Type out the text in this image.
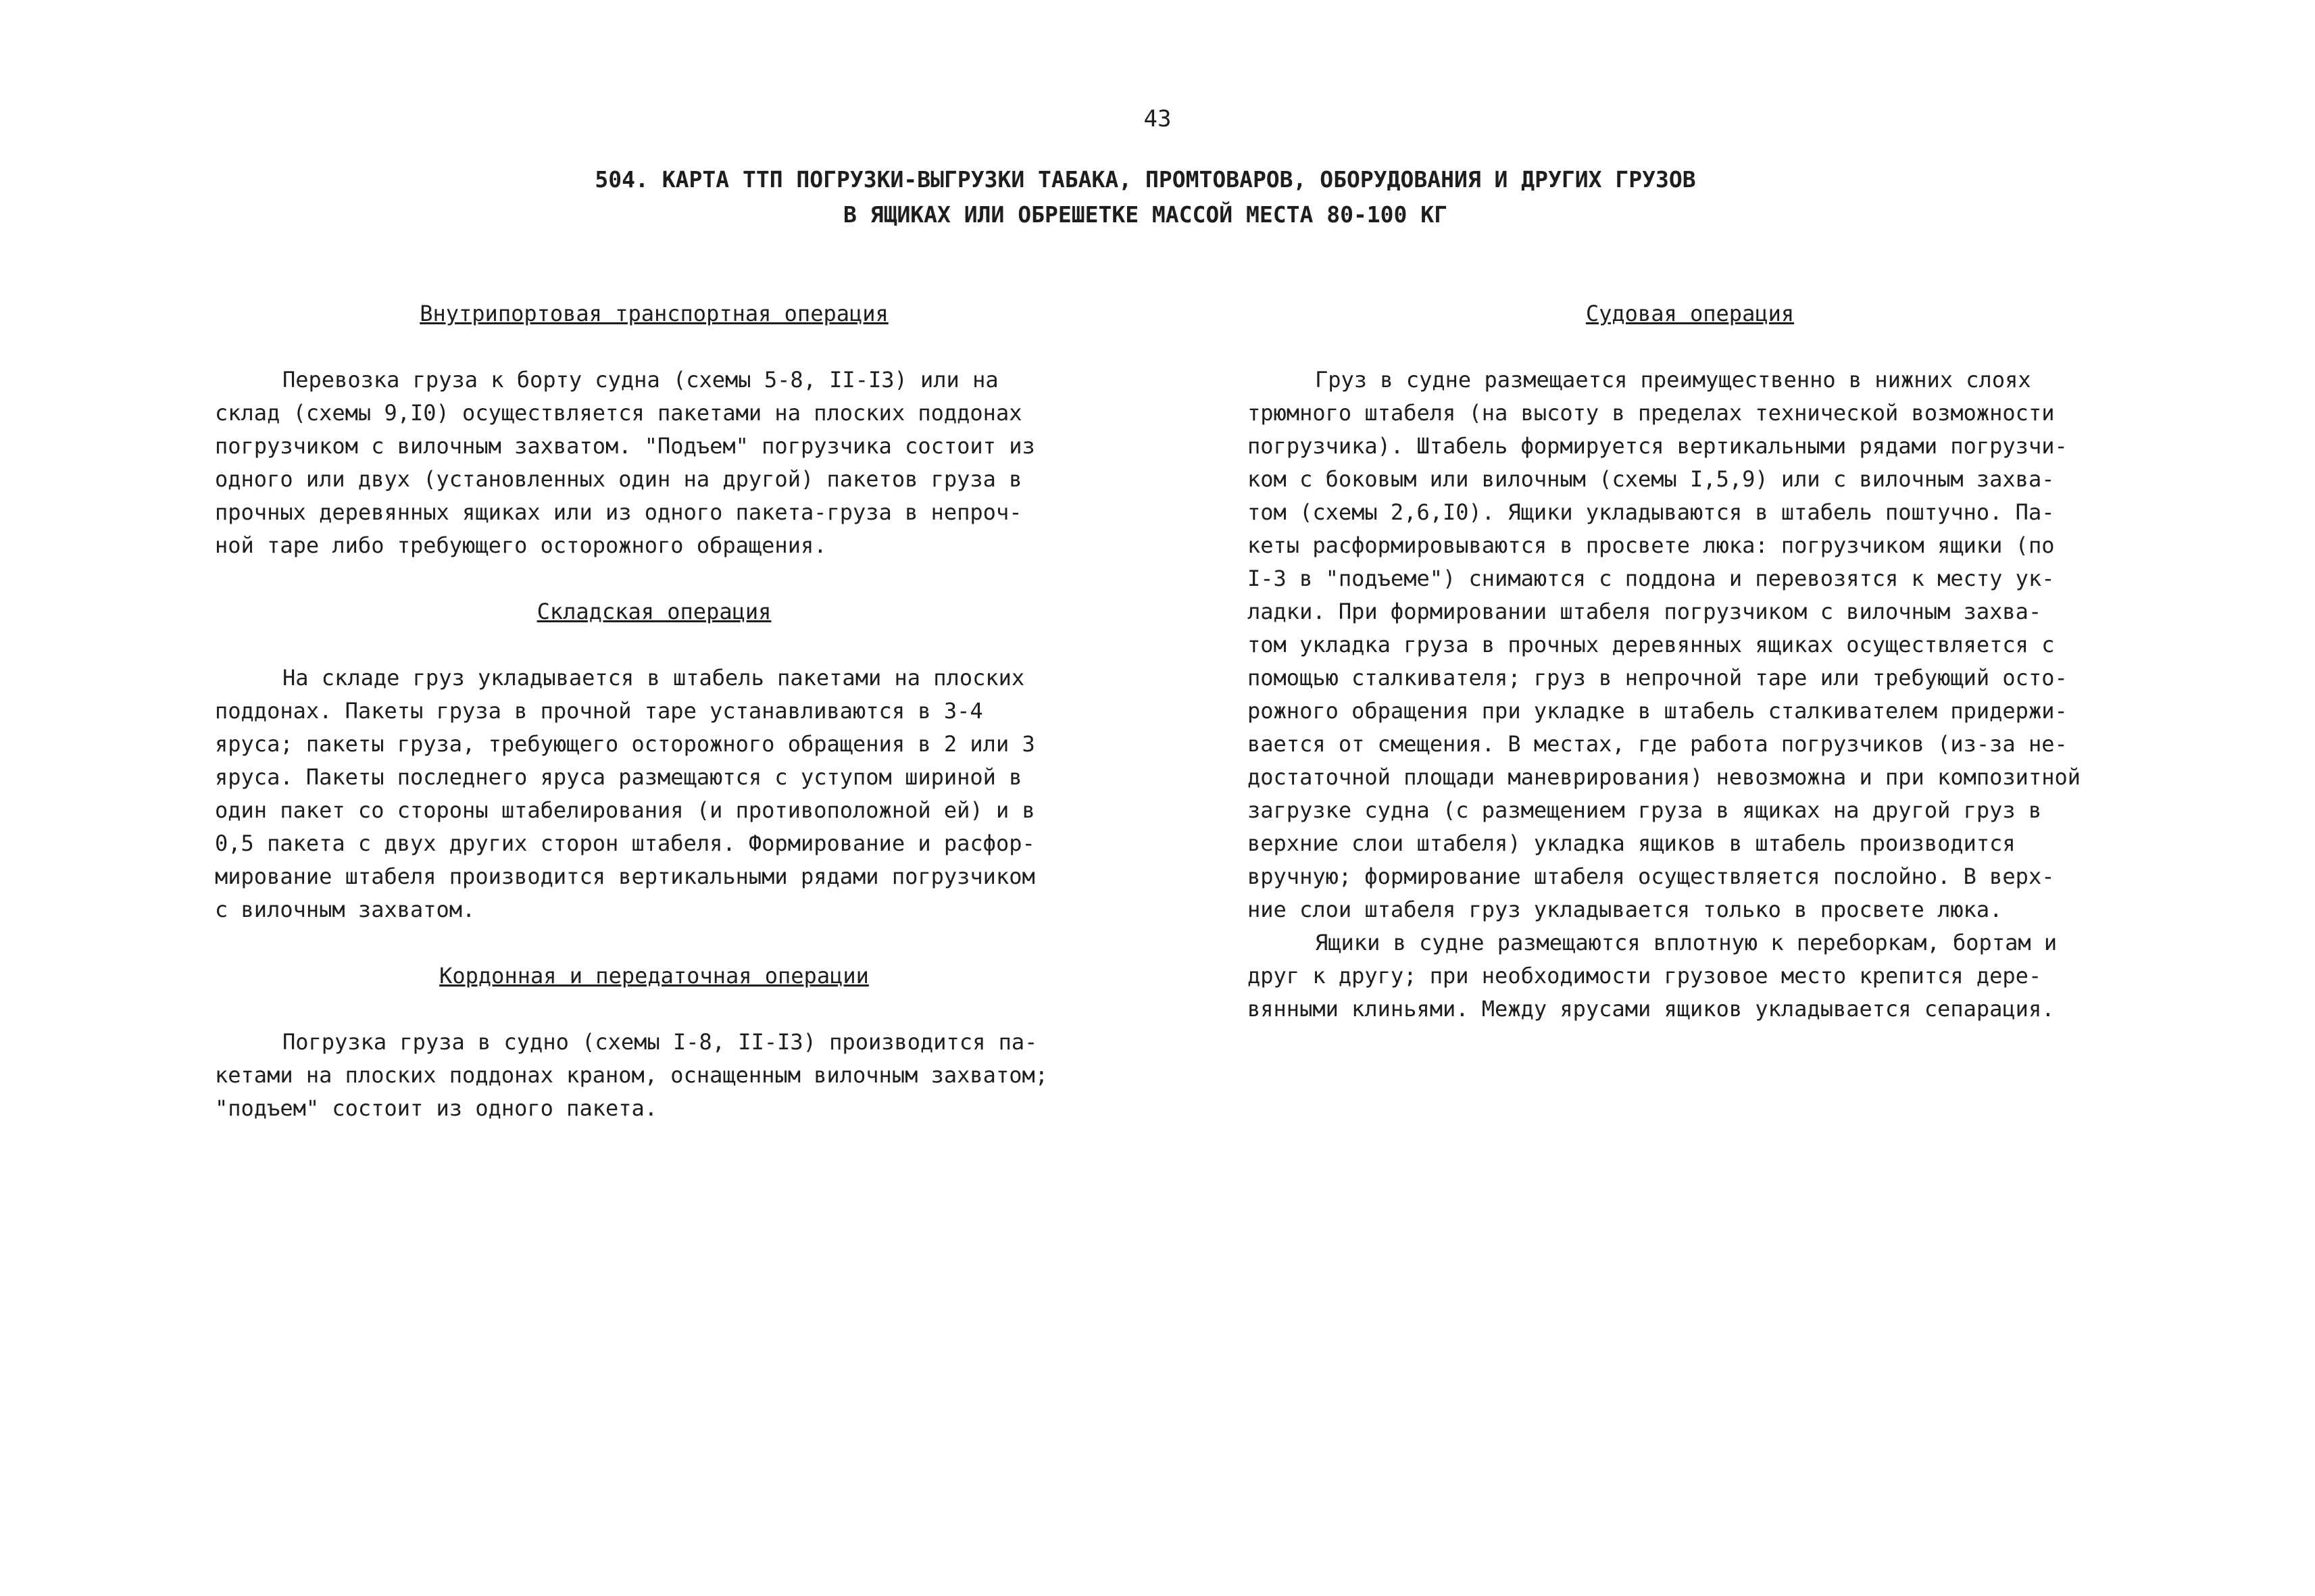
43
504. КАРТА ТТП ПОГРУЗКИ-ВЫГРУЗКИ ТАБАКА, ПРОМТОВАРОВ, ОБОРУДОВАНИЯ И ДРУГИХ ГРУЗОВ
В ЯЩИКАХ ИЛИ ОБРЕШЕТКЕ МАССОЙ МЕСТА 80-100 КГ
Внутрипортовая транспортная операция
Перевозка груза к борту судна (схемы 5-8, II-I3) или на
склад (схемы 9,I0) осуществляется пакетами на плоских поддонах
погрузчиком с вилочным захватом. "Подъем" погрузчика состоит из
одного или двух (установленных один на другой) пакетов груза в
прочных деревянных ящиках или из одного пакета-груза в непроч-
ной таре либо требующего осторожного обращения.
Складская операция
На складе груз укладывается в штабель пакетами на плоских
поддонах. Пакеты груза в прочной таре устанавливаются в 3-4
яруса; пакеты груза, требующего осторожного обращения в 2 или 3
яруса. Пакеты последнего яруса размещаются с уступом шириной в
один пакет со стороны штабелирования (и противоположной ей) и в
0,5 пакета с двух других сторон штабеля. Формирование и расфор-
мирование штабеля производится вертикальными рядами погрузчиком
с вилочным захватом.
Кордонная и передаточная операции
Погрузка груза в судно (схемы I-8, II-I3) производится па-
кетами на плоских поддонах краном, оснащенным вилочным захватом;
"подъем" состоит из одного пакета.
Судовая операция
Груз в судне размещается преимущественно в нижних слоях
трюмного штабеля (на высоту в пределах технической возможности
погрузчика). Штабель формируется вертикальными рядами погрузчи-
ком с боковым или вилочным (схемы I,5,9) или с вилочным захва-
том (схемы 2,6,I0). Ящики укладываются в штабель поштучно. Па-
кеты расформировываются в просвете люка: погрузчиком ящики (по
I-3 в "подъеме") снимаются с поддона и перевозятся к месту ук-
ладки. При формировании штабеля погрузчиком с вилочным захва-
том укладка груза в прочных деревянных ящиках осуществляется с
помощью сталкивателя; груз в непрочной таре или требующий осто-
рожного обращения при укладке в штабель сталкивателем придержи-
вается от смещения. В местах, где работа погрузчиков (из-за не-
достаточной площади маневрирования) невозможна и при композитной
загрузке судна (с размещением груза в ящиках на другой груз в
верхние слои штабеля) укладка ящиков в штабель производится
вручную; формирование штабеля осуществляется послойно. В верх-
ние слои штабеля груз укладывается только в просвете люка.
Ящики в судне размещаются вплотную к переборкам, бортам и
друг к другу; при необходимости грузовое место крепится дере-
вянными клиньями. Между ярусами ящиков укладывается сепарация.
